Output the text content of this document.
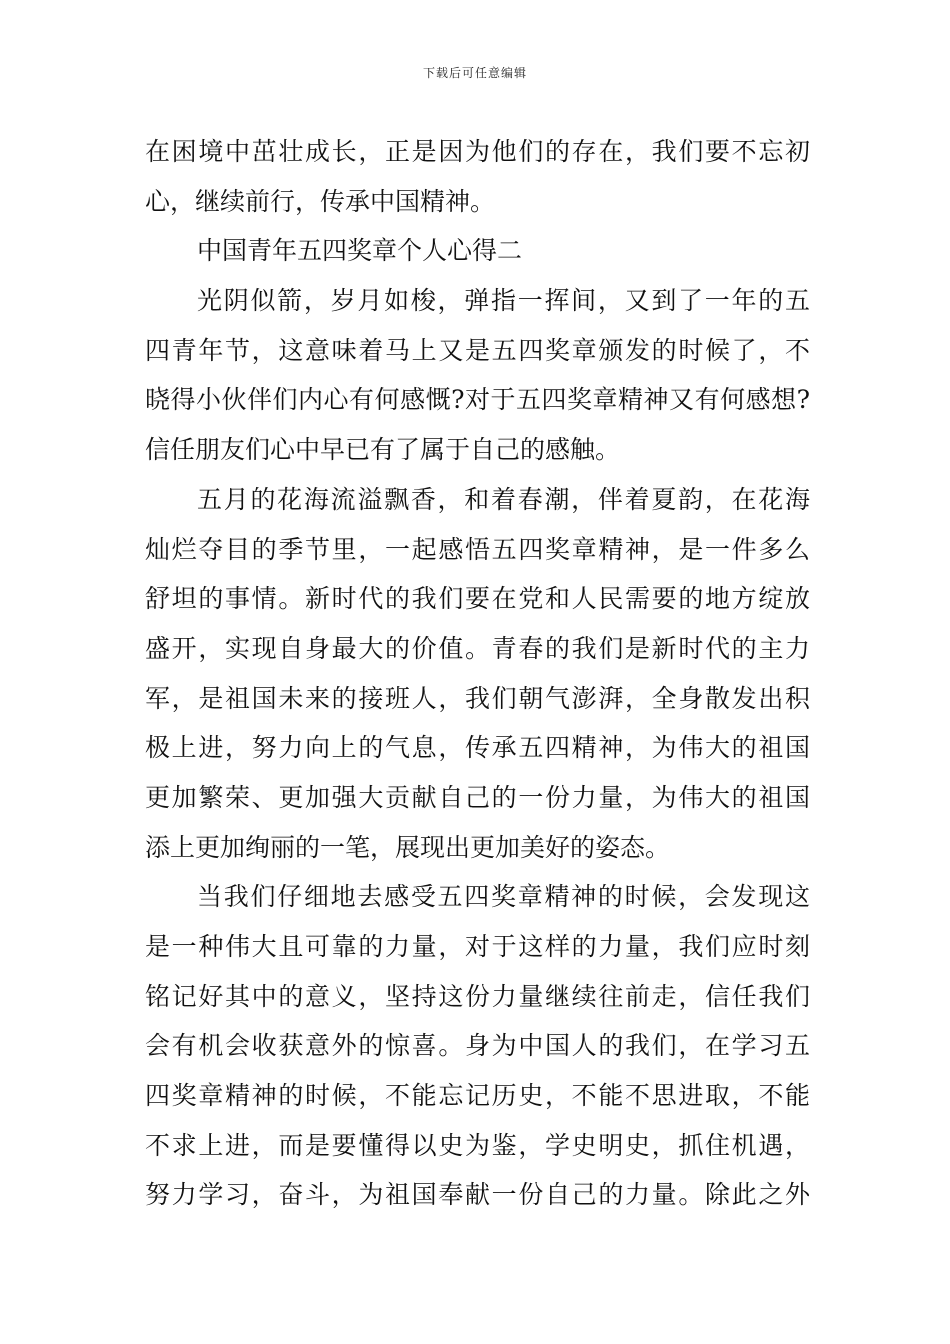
下载后可任意编辑
在困境中茁壮成长，正是因为他们的存在，我们要不忘初
心，继续前行，传承中国精神。
中国青年五四奖章个人心得二
光阴似箭，岁月如梭，弹指一挥间，又到了一年的五
四青年节，这意味着马上又是五四奖章颁发的时候了，不
晓得小伙伴们内心有何感慨?对于五四奖章精神又有何感想?
信任朋友们心中早已有了属于自己的感触。
五月的花海流溢飘香，和着春潮，伴着夏韵，在花海
灿烂夺目的季节里，一起感悟五四奖章精神，是一件多么
舒坦的事情。新时代的我们要在党和人民需要的地方绽放
盛开，实现自身最大的价值。青春的我们是新时代的主力
军，是祖国未来的接班人，我们朝气澎湃，全身散发出积
极上进，努力向上的气息，传承五四精神，为伟大的祖国
更加繁荣、更加强大贡献自己的一份力量，为伟大的祖国
添上更加绚丽的一笔，展现出更加美好的姿态。
当我们仔细地去感受五四奖章精神的时候，会发现这
是一种伟大且可靠的力量，对于这样的力量，我们应时刻
铭记好其中的意义，坚持这份力量继续往前走，信任我们
会有机会收获意外的惊喜。身为中国人的我们，在学习五
四奖章精神的时候，不能忘记历史，不能不思进取，不能
不求上进，而是要懂得以史为鉴，学史明史，抓住机遇，
努力学习，奋斗，为祖国奉献一份自己的力量。除此之外
